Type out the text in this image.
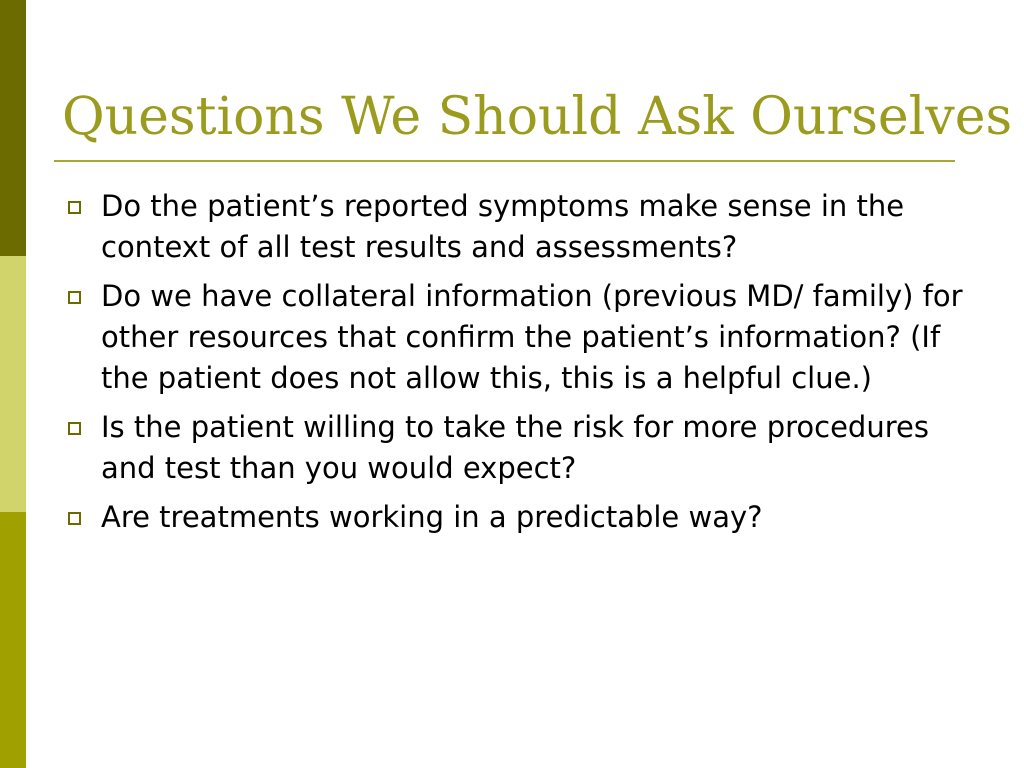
Questions We Should Ask Ourselves
Do the patient’s reported symptoms make sense in the context of all test results and assessments?
Do we have collateral information (previous MD/ family) for other resources that confirm the patient’s information? (If the patient does not allow this, this is a helpful clue.)
Is the patient willing to take the risk for more procedures and test than you would expect?
Are treatments working in a predictable way?
